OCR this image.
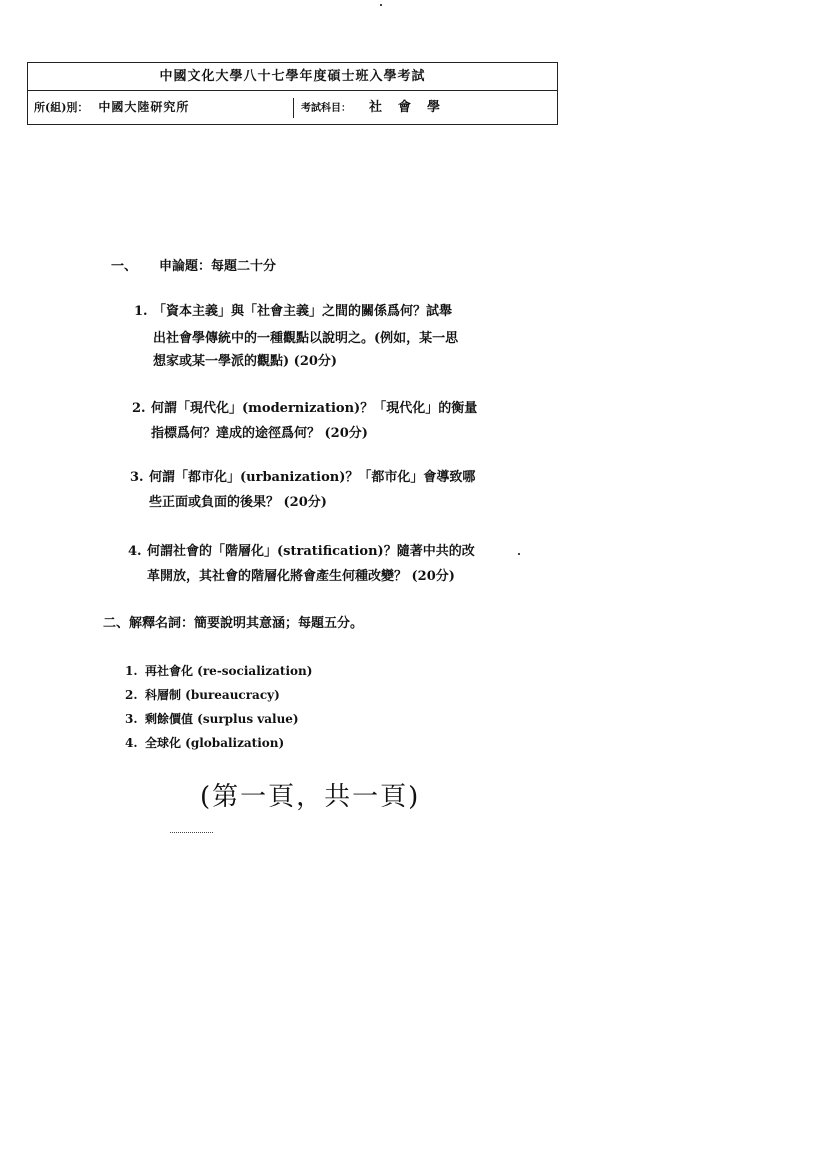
中國文化大學八十七學年度碩士班入學考試
所(組)別： 中國大陸研究所	考試科目： 社會學
一、 申論題：每題二十分
1. 「資本主義」與「社會主義」之間的關係爲何？試舉
出社會學傳統中的一種觀點以說明之。(例如，某一思
想家或某一學派的觀點) (20分)
2. 何謂「現代化」(modernization)？「現代化」的衡量
指標爲何？達成的途徑爲何？ (20分)
3. 何謂「都市化」(urbanization)？「都市化」會導致哪
些正面或負面的後果？ (20分)
4. 何謂社會的「階層化」(stratification)？隨著中共的改
革開放，其社會的階層化將會產生何種改變？ (20分)
二、解釋名詞：簡要說明其意涵；每題五分。
1. 再社會化 (re-socialization)
2. 科層制 (bureaucracy)
3. 剩餘價值 (surplus value)
4. 全球化 (globalization)
(第一頁，共一頁)
